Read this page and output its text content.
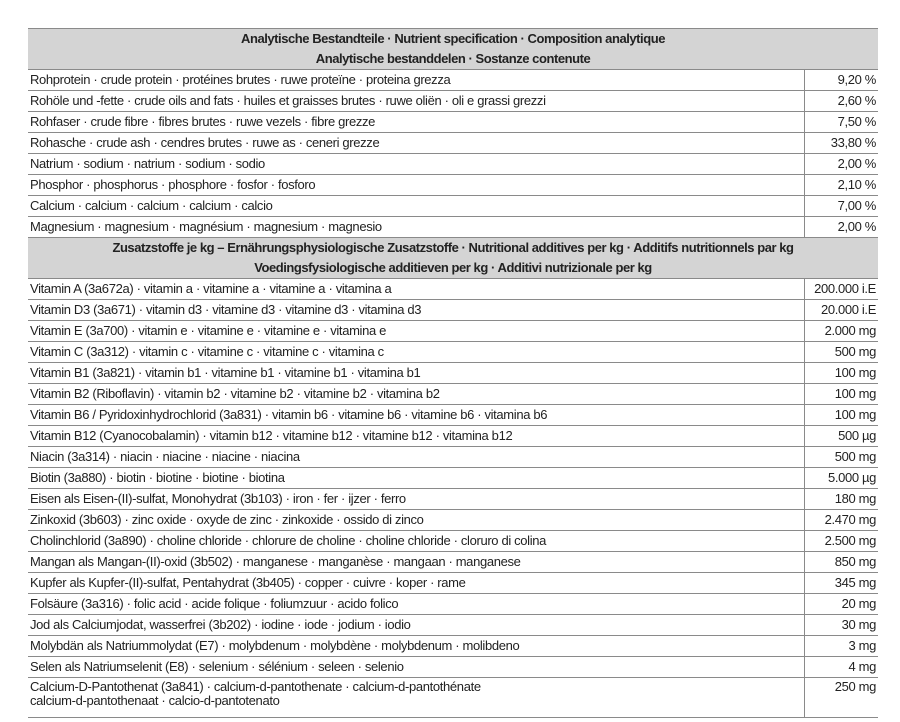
Analytische Bestandteile · Nutrient specification · Composition analytique
Analytische bestanddelen · Sostanze contenute	

Rohprotein · crude protein · protéines brutes · ruwe proteïne · proteina grezza	9,20 %
Rohöle und -fette · crude oils and fats · huiles et graisses brutes · ruwe oliën · oli e grassi grezzi	2,60 %
Rohfaser · crude fibre · fibres brutes · ruwe vezels · fibre grezze	7,50 %
Rohasche · crude ash · cendres brutes · ruwe as · ceneri grezze	33,80 %
Natrium · sodium · natrium · sodium · sodio	2,00 %
Phosphor · phosphorus · phosphore · fosfor · fosforo	2,10 %
Calcium · calcium · calcium · calcium · calcio	7,00 %
Magnesium · magnesium · magnésium · magnesium · magnesio	2,00 %

Zusatzstoffe je kg – Ernährungsphysiologische Zusatzstoffe · Nutritional additives per kg · Additifs nutritionnels par kg
Voedingsfysiologische additieven per kg · Additivi nutrizionale per kg	

Vitamin A (3a672a) · vitamin a · vitamine a · vitamine a · vitamina a	200.000 i.E
Vitamin D3 (3a671) · vitamin d3 · vitamine d3 · vitamine d3 · vitamina d3	20.000 i.E
Vitamin E (3a700) · vitamin e · vitamine e · vitamine e · vitamina e	2.000 mg
Vitamin C (3a312) · vitamin c · vitamine c · vitamine c · vitamina c	500 mg
Vitamin B1 (3a821) · vitamin b1 · vitamine b1 · vitamine b1 · vitamina b1	100 mg
Vitamin B2 (Riboflavin) · vitamin b2 · vitamine b2 · vitamine b2 · vitamina b2	100 mg
Vitamin B6 / Pyridoxinhydrochlorid (3a831) · vitamin b6 · vitamine b6 · vitamine b6 · vitamina b6	100 mg
Vitamin B12 (Cyanocobalamin) · vitamin b12 · vitamine b12 · vitamine b12 · vitamina b12	500 µg
Niacin (3a314) · niacin · niacine · niacine · niacina	500 mg
Biotin (3a880) · biotin · biotine · biotine · biotina	5.000 µg
Eisen als Eisen-(II)-sulfat, Monohydrat (3b103) · iron · fer · ijzer · ferro	180 mg
Zinkoxid (3b603) · zinc oxide · oxyde de zinc · zinkoxide · ossido di zinco	2.470 mg
Cholinchlorid (3a890) · choline chloride · chlorure de choline · choline chloride · cloruro di colina	2.500 mg
Mangan als Mangan-(II)-oxid (3b502) · manganese · manganèse · mangaan · manganese	850 mg
Kupfer als Kupfer-(II)-sulfat, Pentahydrat (3b405) · copper · cuivre · koper · rame	345 mg
Folsäure (3a316) · folic acid · acide folique · foliumzuur · acido folico	20 mg
Jod als Calciumjodat, wasserfrei (3b202) · iodine · iode · jodium · iodio	30 mg
Molybdän als Natriummolydat (E7) · molybdenum · molybdène · molybdenum · molibdeno	3 mg
Selen als Natriumselenit (E8) · selenium · sélénium · seleen · selenio	4 mg

Calcium-D-Pantothenat (3a841) · calcium-d-pantothenate · calcium-d-pantothénate
calcium-d-pantothenaat · calcio-d-pantotenato	250 mg
